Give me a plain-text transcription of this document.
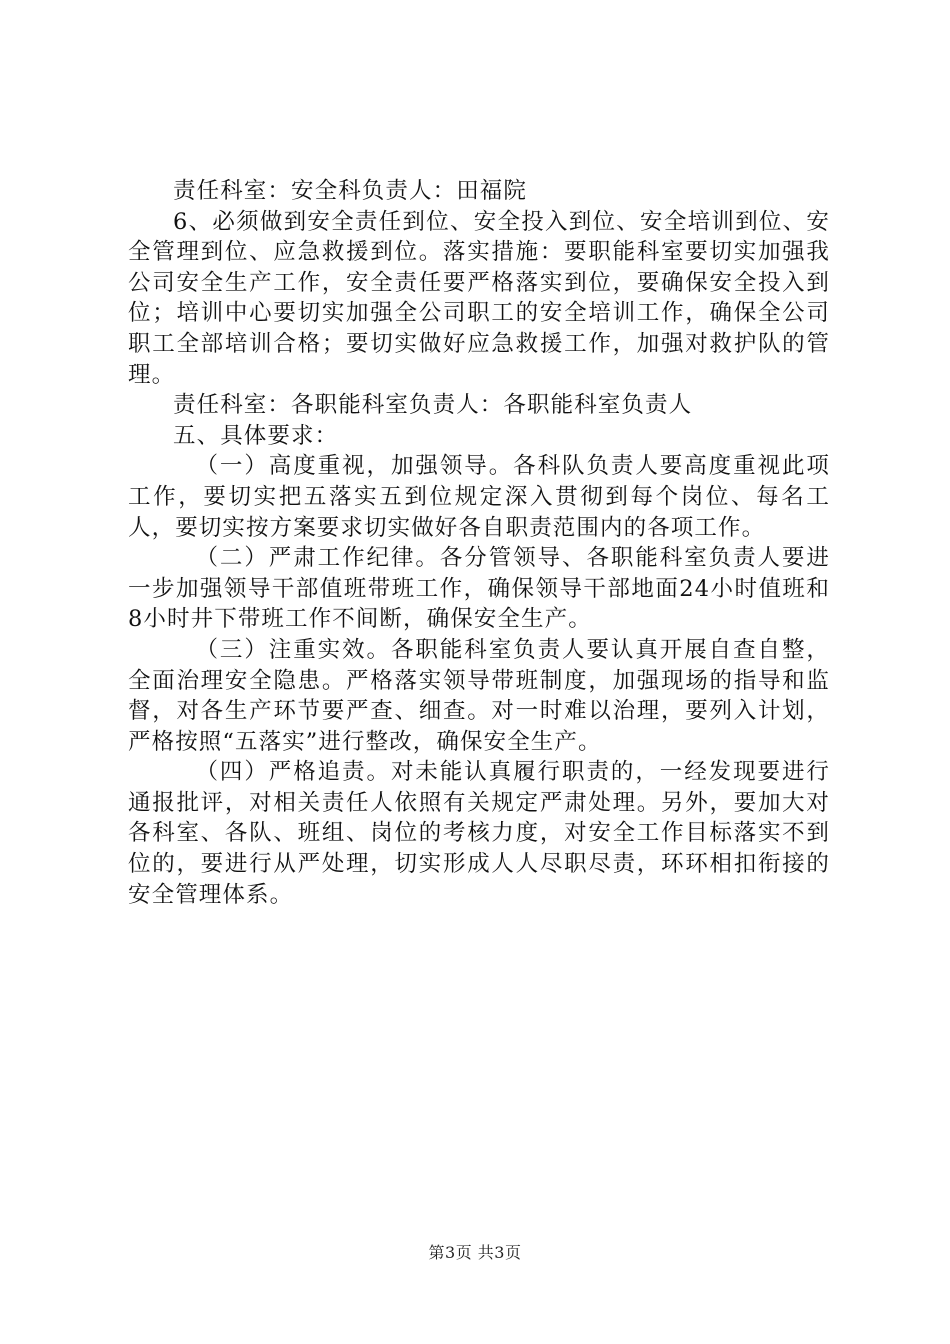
责任科室：安全科负责人：田福院

6、必须做到安全责任到位、安全投入到位、安全培训到位、安全管理到位、应急救援到位。落实措施：要职能科室要切实加强我公司安全生产工作，安全责任要严格落实到位，要确保安全投入到位；培训中心要切实加强全公司职工的安全培训工作，确保全公司职工全部培训合格；要切实做好应急救援工作，加强对救护队的管理。

责任科室：各职能科室负责人：各职能科室负责人

五、具体要求：

（一）高度重视，加强领导。各科队负责人要高度重视此项工作，要切实把五落实五到位规定深入贯彻到每个岗位、每名工人，要切实按方案要求切实做好各自职责范围内的各项工作。

（二）严肃工作纪律。各分管领导、各职能科室负责人要进一步加强领导干部值班带班工作，确保领导干部地面24小时值班和8小时井下带班工作不间断，确保安全生产。

（三）注重实效。各职能科室负责人要认真开展自查自整，全面治理安全隐患。严格落实领导带班制度，加强现场的指导和监督，对各生产环节要严查、细查。对一时难以治理，要列入计划，严格按照“五落实”进行整改，确保安全生产。

（四）严格追责。对未能认真履行职责的，一经发现要进行通报批评，对相关责任人依照有关规定严肃处理。另外，要加大对各科室、各队、班组、岗位的考核力度，对安全工作目标落实不到位的，要进行从严处理，切实形成人人尽职尽责，环环相扣衔接的安全管理体系。

第3页 共3页
